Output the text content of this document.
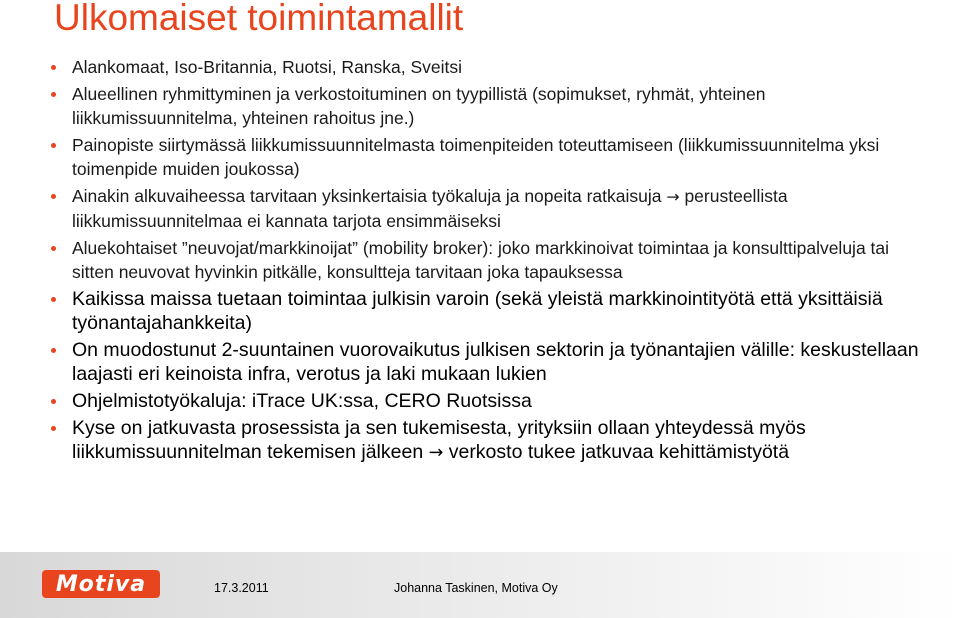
Ulkomaiset toimintamallit
Alankomaat, Iso-Britannia, Ruotsi, Ranska, Sveitsi
Alueellinen ryhmittyminen ja verkostoituminen on tyypillistä (sopimukset, ryhmät, yhteinen liikkumissuunnitelma, yhteinen rahoitus jne.)
Painopiste siirtymässä liikkumissuunnitelmasta toimenpiteiden toteuttamiseen (liikkumissuunnitelma yksi toimenpide muiden joukossa)
Ainakin alkuvaiheessa tarvitaan yksinkertaisia työkaluja ja nopeita ratkaisuja → perusteellista liikkumissuunnitelmaa ei kannata tarjota ensimmäiseksi
Aluekohtaiset ”neuvojat/markkinoijat” (mobility broker): joko markkinoivat toimintaa ja konsulttipalveluja tai sitten neuvovat hyvinkin pitkälle, konsultteja tarvitaan joka tapauksessa
Kaikissa maissa tuetaan toimintaa julkisin varoin (sekä yleistä markkinointityötä että yksittäisiä työnantajahankkeita)
On muodostunut 2-suuntainen vuorovaikutus julkisen sektorin ja työnantajien välille: keskustellaan laajasti eri keinoista infra, verotus ja laki mukaan lukien
Ohjelmistotyökaluja: iTrace UK:ssa, CERO Ruotsissa
Kyse on jatkuvasta prosessista ja sen tukemisesta, yrityksiin ollaan yhteydessä myös liikkumissuunnitelman tekemisen jälkeen → verkosto tukee jatkuvaa kehittämistyötä
Motiva	17.3.2011	Johanna Taskinen, Motiva Oy
